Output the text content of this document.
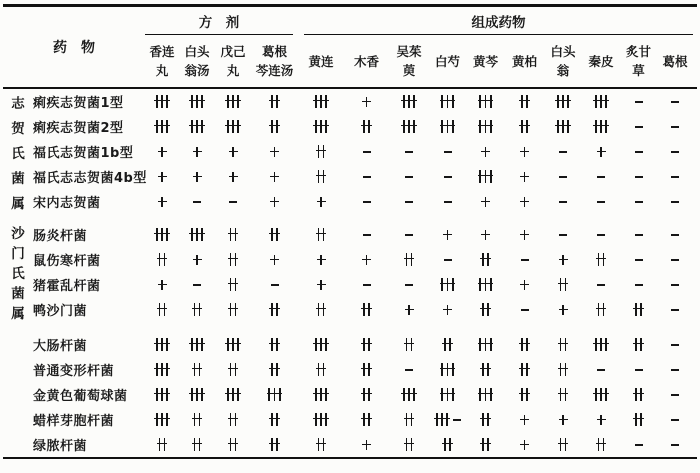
药　物
方　剂	组成药物
香连
丸
白头
翁汤
戊己
丸
葛根
芩连汤
黄连 木香
吴茱
萸
白芍 黄芩 黄柏
白头
翁
秦皮
炙甘
草
葛根
志
贺
氏
菌
属
痢疾志贺菌1型
痢疾志贺菌2型
福氏志贺菌1b型
福氏志志贺菌4b型
宋内志贺菌
沙
门
氏
菌
属
肠炎杆菌
鼠伤寒杆菌
猪霍乱杆菌
鸭沙门菌
大肠杆菌
普通变形杆菌
金黄色葡萄球菌
蜡样芽胞杆菌
绿脓杆菌
